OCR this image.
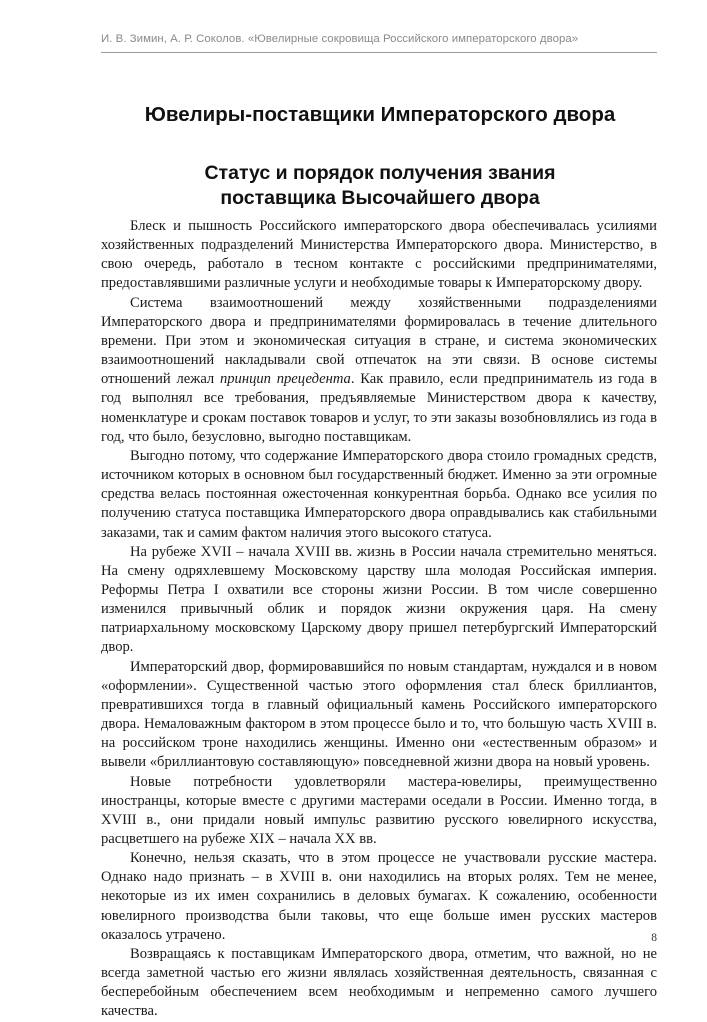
И. В. Зимин, А. Р. Соколов. «Ювелирные сокровища Российского императорского двора»
Ювелиры-поставщики Императорского двора
Статус и порядок получения звания
поставщика Высочайшего двора

Блеск и пышность Российского императорского двора обеспечивалась усилиями хозяйственных подразделений Министерства Императорского двора. Министерство, в свою очередь, работало в тесном контакте с российскими предпринимателями, предоставлявшими различные услуги и необходимые товары к Императорскому двору.

Система взаимоотношений между хозяйственными подразделениями Императорского двора и предпринимателями формировалась в течение длительного времени. При этом и экономическая ситуация в стране, и система экономических взаимоотношений накладывали свой отпечаток на эти связи. В основе системы отношений лежал принцип прецедента. Как правило, если предприниматель из года в год выполнял все требования, предъявляемые Министерством двора к качеству, номенклатуре и срокам поставок товаров и услуг, то эти заказы возобновлялись из года в год, что было, безусловно, выгодно поставщикам.

Выгодно потому, что содержание Императорского двора стоило громадных средств, источником которых в основном был государственный бюджет. Именно за эти огромные средства велась постоянная ожесточенная конкурентная борьба. Однако все усилия по получению статуса поставщика Императорского двора оправдывались как стабильными заказами, так и самим фактом наличия этого высокого статуса.

На рубеже XVII – начала XVIII вв. жизнь в России начала стремительно меняться. На смену одряхлевшему Московскому царству шла молодая Российская империя. Реформы Петра I охватили все стороны жизни России. В том числе совершенно изменился привычный облик и порядок жизни окружения царя. На смену патриархальному московскому Царскому двору пришел петербургский Императорский двор.

Императорский двор, формировавшийся по новым стандартам, нуждался и в новом «оформлении». Существенной частью этого оформления стал блеск бриллиантов, превратившихся тогда в главный официальный камень Российского императорского двора. Немаловажным фактором в этом процессе было и то, что большую часть XVIII в. на российском троне находились женщины. Именно они «естественным образом» и вывели «бриллиантовую составляющую» повседневной жизни двора на новый уровень.

Новые потребности удовлетворяли мастера-ювелиры, преимущественно иностранцы, которые вместе с другими мастерами оседали в России. Именно тогда, в XVIII в., они придали новый импульс развитию русского ювелирного искусства, расцветшего на рубеже XIX – начала XX вв.

Конечно, нельзя сказать, что в этом процессе не участвовали русские мастера. Однако надо признать – в XVIII в. они находились на вторых ролях. Тем не менее, некоторые из их имен сохранились в деловых бумагах. К сожалению, особенности ювелирного производства были таковы, что еще больше имен русских мастеров оказалось утрачено.

Возвращаясь к поставщикам Императорского двора, отметим, что важной, но не всегда заметной частью его жизни являлась хозяйственная деятельность, связанная с бесперебойным обеспечением всем необходимым и непременно самого лучшего качества.

8
